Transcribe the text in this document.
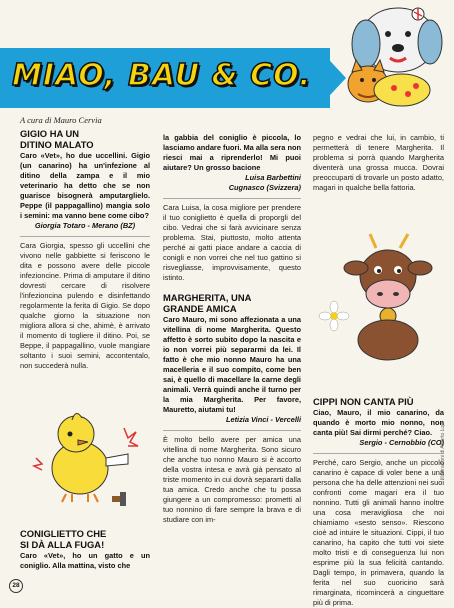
MIAO, BAU & CO.
A cura di Mauro Cervia
GIGIO HA UN
DITINO MALATO

Caro «Vet», ho due uccellini. Gigio (un canarino) ha un'infezione al ditino della zampa e il mio veterinario ha detto che se non guarisce bisognerà amputarglielo. Peppe (il pappagallino) mangia solo i semini: ma vanno bene come cibo?

Giorgia Totaro - Merano (BZ)

Cara Giorgia, spesso gli uccellini che vivono nelle gabbiette si feriscono le dita e possono avere delle piccole infezioncine. Prima di amputare il ditino dovresti cercare di risolvere l'infezioncina pulendo e disinfettando regolarmente la ferita di Gigio. Se dopo qualche giorno la situazione non migliora allora si che, ahimè, è arrivato il momento di togliere il ditino. Poi, se Beppe, il pappagallino, vuole mangiare soltanto i suoi semini, accontentalo, non succederà nulla.

CONIGLIETTO CHE
SI DÀ ALLA FUGA!

Caro «Vet», ho un gatto e un coniglio. Alla mattina, visto che

la gabbia del coniglio è piccola, lo lasciamo andare fuori. Ma alla sera non riesci mai a riprenderlo! Mi puoi aiutare? Un grosso bacione

Luisa Barbettini

Cugnasco (Svizzera)

Cara Luisa, la cosa migliore per prendere il tuo coniglietto è quella di proporgli del cibo. Vedrai che si farà avvicinare senza problema. Stai, piuttosto, molto attenta perché ai gatti piace andare a caccia di conigli e non vorrei che nel tuo gattino si risvegliasse, improvvisamente, questo istinto.

MARGHERITA, UNA
GRANDE AMICA

Caro Mauro, mi sono affezionata a una vitellina di nome Margherita. Questo affetto è sorto subito dopo la nascita e io non vorrei più separarmi da lei. Il fatto è che mio nonno Mauro ha una macelleria e il suo compito, come ben sai, è quello di macellare la carne degli animali. Verrà quindi anche il turno per la mia Margherita. Per favore, Mauretto, aiutami tu!

Letizia Vinci - Vercelli

È molto bello avere per amica una vitellina di nome Margherita. Sono sicuro che anche tuo nonno Mauro si è accorto della vostra intesa e avrà già pensato al triste momento in cui dovrà separarti dalla tua amica. Credo anche che tu possa giungere a un compromesso: prometti al tuo nonnino di fare sempre la brava e di studiare con im-

pegno e vedrai che lui, in cambio, ti permetterà di tenere Margherita. Il problema si porrà quando Margherita diventerà una grossa mucca. Dovrai preoccuparti di trovarle un posto adatto, magari in qualche bella fattoria.

CIPPI NON CANTA PIÙ

Ciao, Mauro, il mio canarino, da quando è morto mio nonno, non canta più! Sai dirmi perché? Ciao.

Sergio - Cernobbio (CO)

Perché, caro Sergio, anche un piccolo canarino è capace di voler bene a una persona che ha delle attenzioni nei suoi confronti come magari era il tuo nonnino. Tutti gli animali hanno inoltre una cosa meravigliosa che noi chiamiamo «sesto senso». Riescono cioè ad intuire le situazioni. Cippi, il tuo canarino, ha capito che tutti voi siete molto tristi e di conseguenza lui non esprime più la sua felicità cantando. Dagli tempo, in primavera, quando la ferita nel suo cuoricino sarà rimarginata, ricomincerà a cinguettare più di prima.

Illustrazioni di Alberto Lupi
28
